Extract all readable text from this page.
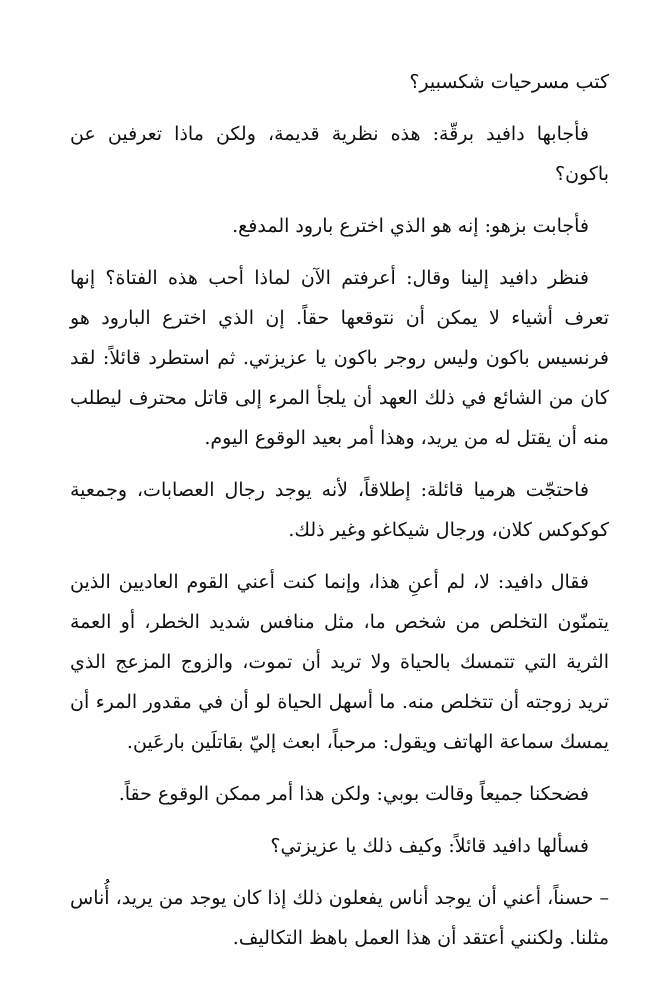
كتب مسرحيات شكسبير؟

فأجابها دافيد برقّة: هذه نظرية قديمة، ولكن ماذا تعرفين عن باكون؟

فأجابت بزهو: إنه هو الذي اخترع بارود المدفع.

فنظر دافيد إلينا وقال: أعرفتم الآن لماذا أحب هذه الفتاة؟ إنها تعرف أشياء لا يمكن أن نتوقعها حقاً. إن الذي اخترع البارود هو فرنسيس باكون وليس روجر باكون يا عزيزتي. ثم استطرد قائلاً: لقد كان من الشائع في ذلك العهد أن يلجأ المرء إلى قاتل محترف ليطلب منه أن يقتل له من يريد، وهذا أمر بعيد الوقوع اليوم.

فاحتجّت هرميا قائلة: إطلاقاً، لأنه يوجد رجال العصابات، وجمعية كوكوكس كلان، ورجال شيكاغو وغير ذلك.

فقال دافيد: لا، لم أعنِ هذا، وإنما كنت أعني القوم العاديين الذين يتمنّون التخلص من شخص ما، مثل منافس شديد الخطر، أو العمة الثرية التي تتمسك بالحياة ولا تريد أن تموت، والزوج المزعج الذي تريد زوجته أن تتخلص منه. ما أسهل الحياة لو أن في مقدور المرء أن يمسك سماعة الهاتف ويقول: مرحباً، ابعث إليّ بقاتلَين بارعَين.

فضحكنا جميعاً وقالت بوبي: ولكن هذا أمر ممكن الوقوع حقاً.

فسألها دافيد قائلاً: وكيف ذلك يا عزيزتي؟

– حسناً، أعني أن يوجد أناس يفعلون ذلك إذا كان يوجد من يريد، أُناس مثلنا. ولكنني أعتقد أن هذا العمل باهظ التكاليف.
